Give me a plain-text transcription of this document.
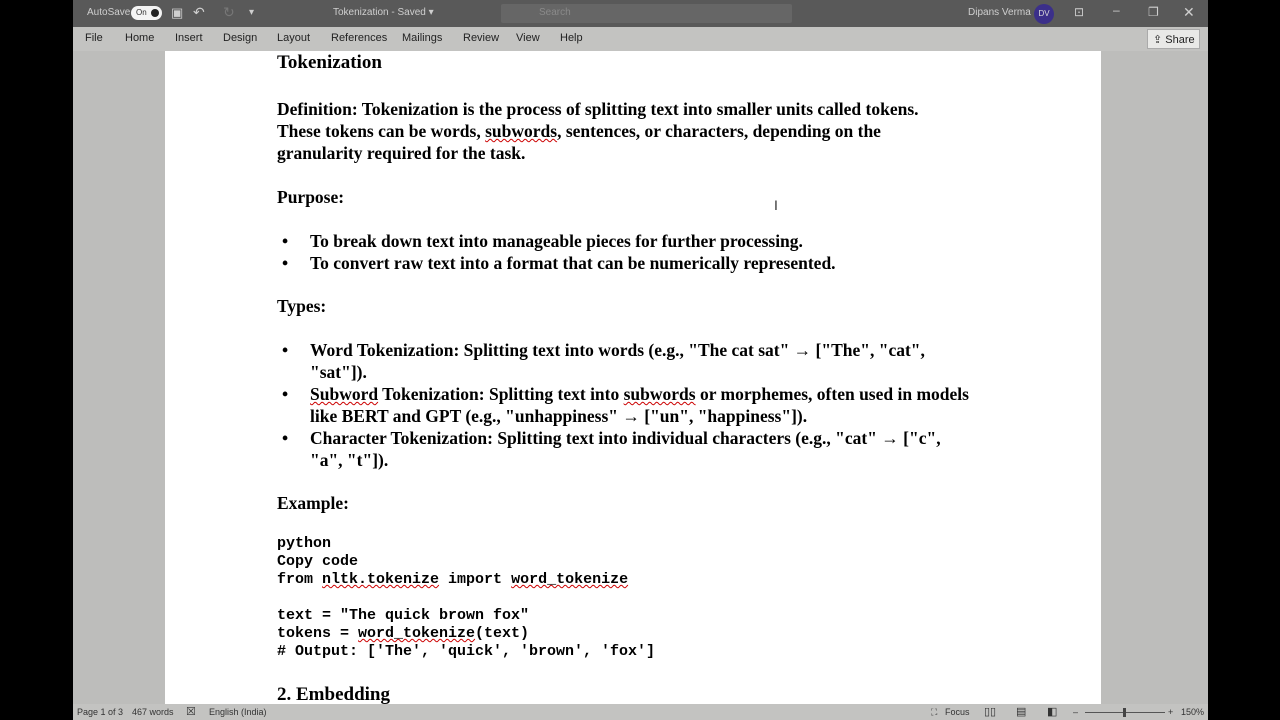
AutoSave On	▣ ↶ ↻ ▾	Tokenization - Saved ▾	Search	Dipans Verma DV	⊡ – ❐ ✕
File Home Insert Design Layout References Mailings Review View Help	⇪ Share
Tokenization
Definition: Tokenization is the process of splitting text into smaller units called tokens.
These tokens can be words, subwords, sentences, or characters, depending on the
granularity required for the task.
Purpose:
• To break down text into manageable pieces for further processing.
• To convert raw text into a format that can be numerically represented.
Types:
• Word Tokenization: Splitting text into words (e.g., "The cat sat" → ["The", "cat", "sat"]).
• Subword Tokenization: Splitting text into subwords or morphemes, often used in models like BERT and GPT (e.g., "unhappiness" → ["un", "happiness"]).
• Character Tokenization: Splitting text into individual characters (e.g., "cat" → ["c", "a", "t"]).
Example:
python
Copy code
from nltk.tokenize import word_tokenize
text = "The quick brown fox"
tokens = word_tokenize(text)
# Output: ['The', 'quick', 'brown', 'fox']
2. Embedding
I
Page 1 of 3 467 words ☒ English (India)	⛶ Focus ▯▯ ▤ ◧ –	+ 150%
